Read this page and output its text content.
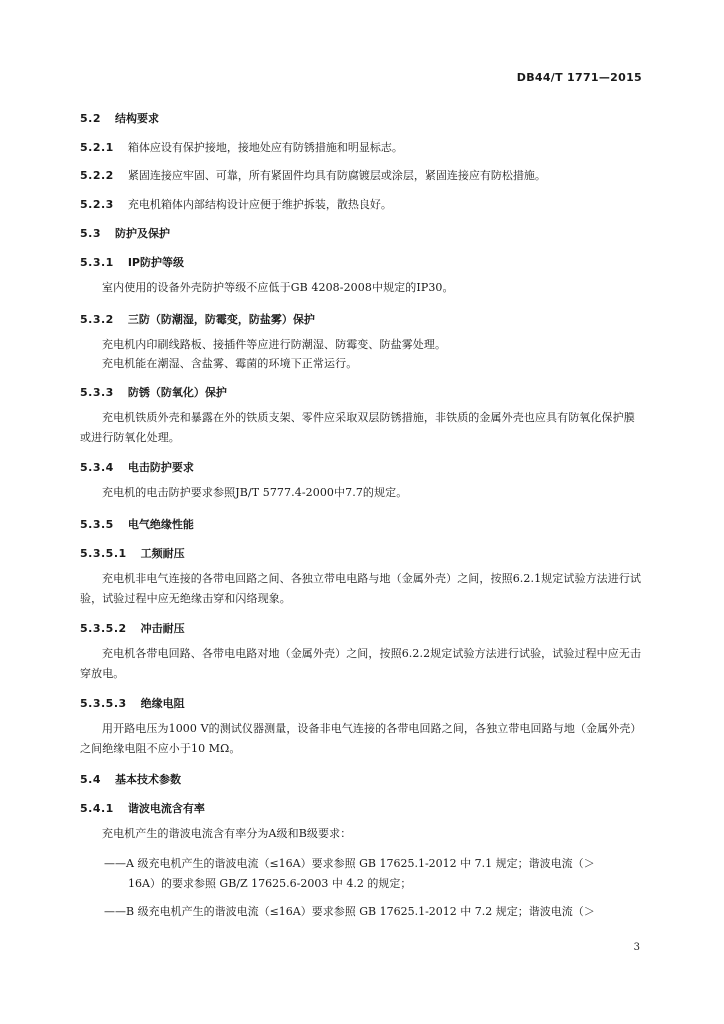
DB44/T 1771—2015
5.2 结构要求
5.2.1 箱体应设有保护接地，接地处应有防锈措施和明显标志。
5.2.2 紧固连接应牢固、可靠，所有紧固件均具有防腐镀层或涂层，紧固连接应有防松措施。
5.2.3 充电机箱体内部结构设计应便于维护拆装，散热良好。
5.3 防护及保护
5.3.1 IP防护等级
室内使用的设备外壳防护等级不应低于GB 4208-2008中规定的IP30。
5.3.2 三防（防潮湿，防霉变，防盐雾）保护
充电机内印刷线路板、接插件等应进行防潮湿、防霉变、防盐雾处理。
充电机能在潮湿、含盐雾、霉菌的环境下正常运行。
5.3.3 防锈（防氧化）保护
充电机铁质外壳和暴露在外的铁质支架、零件应采取双层防锈措施，非铁质的金属外壳也应具有防氧化保护膜或进行防氧化处理。
5.3.4 电击防护要求
充电机的电击防护要求参照JB/T 5777.4-2000中7.7的规定。
5.3.5 电气绝缘性能
5.3.5.1 工频耐压
充电机非电气连接的各带电回路之间、各独立带电电路与地（金属外壳）之间，按照6.2.1规定试验方法进行试验，试验过程中应无绝缘击穿和闪络现象。
5.3.5.2 冲击耐压
充电机各带电回路、各带电电路对地（金属外壳）之间，按照6.2.2规定试验方法进行试验，试验过程中应无击穿放电。
5.3.5.3 绝缘电阻
用开路电压为1000 V的测试仪器测量，设备非电气连接的各带电回路之间，各独立带电回路与地（金属外壳）之间绝缘电阻不应小于10 MΩ。
5.4 基本技术参数
5.4.1 谐波电流含有率
充电机产生的谐波电流含有率分为A级和B级要求：
——A 级充电机产生的谐波电流（≤16A）要求参照 GB 17625.1-2012 中 7.1 规定；谐波电流（＞
16A）的要求参照 GB/Z 17625.6-2003 中 4.2 的规定；
——B 级充电机产生的谐波电流（≤16A）要求参照 GB 17625.1-2012 中 7.2 规定；谐波电流（＞
3
